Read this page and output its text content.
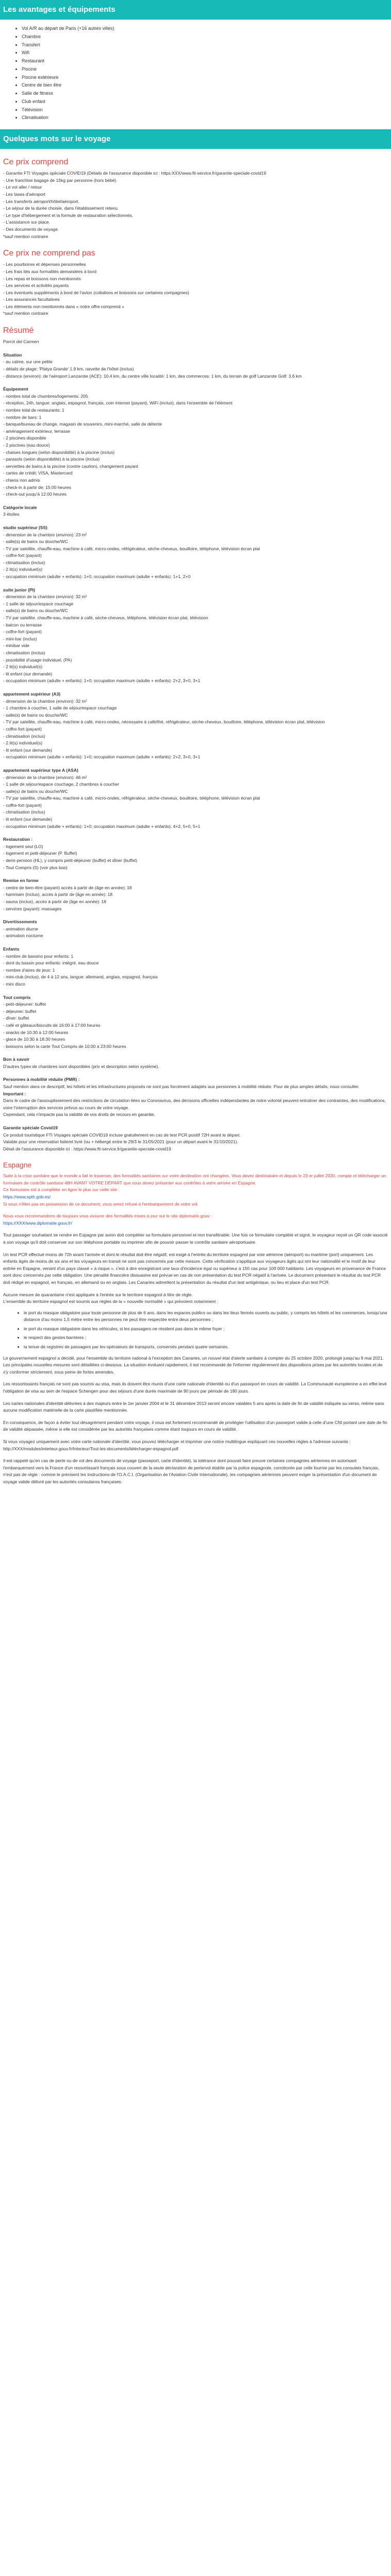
Les avantages et équipements
• Vol A/R au départ de Paris (+16 autres villes)
• Chambre
• Transfert
• Wifi
• Restaurant
• Piscine
• Piscine extérieure
• Centre de bien être
• Salle de fitness
• Club enfant
• Télévision
• Climatisation
Quelques mots sur le voyage
Ce prix comprend

- Garantie FTI Voyages spéciale COVID19 (Détails de l'assurance disponible ici : https:XXX/www.fti-service.fr/garantie-speciale-covid19
- Une franchise bagage de 15kg par personne (hors bébé)
- Le vol aller / retour
- Les taxes d'aéroport
- Les transferts aéroport/hôtel/aéroport.
- Le séjour de la durée choisie, dans l'établissement retenu.
- Le type d'hébergement et la formule de restauration sélectionnés.
- L'assistance sur place.
- Des documents de voyage.
*sauf mention contraire

Ce prix ne comprend pas

- Les pourboires et dépenses personnelles
- Les frais liés aux formalités demandées à bord
- Les repas et boissons non mentionnés
- Les services et activités payants
- Les éventuels suppléments à bord de l'avion (collations et boissons sur certaines compagnies)
- Les assurances facultatives
- Les éléments non mentionnés dans « notre offre comprend »
*sauf mention contraire

Résumé

Parrot del Carmen

Situation

- au calme, sur une petite
- détails de plage: 'Platya Grande' 1.9 km, navette de l'hôtel (inclus)
- distance (environ): de l'aéroport Lanzarote (ACE): 10.4 km, du centre ville localité: 1 km, des commerces: 1 km, du terrain de golf Lanzarote Golf: 3.6 km

Équipement

- nombre total de chambres/logements: 205
- réception, 24h, langue: anglais, espagnol, français, coin internet (payant), WiFi (inclus), dans l'ensemble de l'élément
- nombre total de restaurants: 1
- nombre de bars: 1
- banque/bureau de change, magasin de souvenirs, mini-marché, salle de détente
- aménagement extérieur, terrasse
- 2 piscines disponible
- 2 piscines (eau douce)
- chaises longues (selon disponibilité) à la piscine (inclus)
- parasols (selon disponibilité) à la piscine (inclus)
- serviettes de bains à la piscine (contre caution), changement payant
- cartes de crédit: VISA, Mastercard
- chiens non admis
- check-in à partir de: 15:00 heures
- check-out jusqu'à 12:00 heures

Catégorie locale

3 étoiles

studio supérieur (SS)

- dimension de la chambre (environ): 23 m²
- salle(s) de bains ou douche/WC
- TV par satellite, chauffe-eau, machine à café, micro-ondes, réfrigérateur, sèche-cheveux, bouilloire, téléphone, télévision écran plat
- coffre-fort (payant)
- climatisation (inclus)
- 2 lit(s) individuel(s)
- occupation minimum (adulte + enfants): 1+0; occupation maximum (adulte + enfants): 1+1, 2+0

suite junior (PI)

- dimension de la chambre (environ): 32 m²
- 1 salle de séjour/espace couchage
- salle(s) de bains ou douche/WC
- TV par satellite, chauffe-eau, machine à café, sèche-cheveux, téléphone, télévision écran plat, télévision
- balcon ou terrasse
- coffre-fort (payant)
- mini-bar (inclus)
- minibar vide
- climatisation (inclus)
- possibilité d'usage individuel, (PA)
- 2 lit(s) individuel(s)
- lit enfant (sur demande)
- occupation minimum (adulte + enfants): 1+0; occupation maximum (adulte + enfants): 2+2, 3+0, 3+1

appartement supérieur (A3)

- dimension de la chambre (environ): 32 m²
- 1 chambre à coucher, 1 salle de séjour/espace couchage
- salle(s) de bains ou douche/WC
- TV par satellite, chauffe-eau, machine à café, micro-ondes, nécessaire à café/thé, réfrigérateur, sèche-cheveux, bouilloire, téléphone, télévision écran plat, télévision
- coffre-fort (payant)
- climatisation (inclus)
- 2 lit(s) individuel(s)
- lit enfant (sur demande)
- occupation minimum (adulte + enfants): 1+0; occupation maximum (adulte + enfants): 2+2, 3+0, 3+1

appartement supérieur type A (ASA)

- dimension de la chambre (environ): 46 m²
- 1 salle de séjour/espace couchage, 2 chambres à coucher
- salle(s) de bains ou douche/WC
- TV par satellite, chauffe-eau, machine à café, micro-ondes, réfrigérateur, sèche-cheveux, bouilloire, téléphone, télévision écran plat
- coffre-fort (payant)
- climatisation (inclus)
- lit enfant (sur demande)
- occupation minimum (adulte + enfants): 1+0; occupation maximum (adulte + enfants): 4+2, 5+0, 5+1

Restauration :

- logement seul (LO)
- logement et petit-déjeuner (P. Buffet)
- demi-pension (HL), y compris petit-déjeuner (buffet) et dîner (buffet)
- Tout Compris (S) (voir plus bas)

Remise en forme

- centre de bien-être (payant) accès à partir de (âge en année): 18
- hammam (inclus), accès à partir de (âge en année): 18
- sauna (inclus), accès à partir de (âge en année): 18
- services (payant): massages

Divertissements

- animation diurne
- animation nocturne

Enfants

- nombre de bassins pour enfants: 1
- dont du bassin pour enfants: intégré, eau douce
- nombre d'aires de jeux: 1
- mini-club (inclus), de 4 à 12 ans, langue: allemand, anglais, espagnol, français
- mini disco

Tout compris

- petit-déjeuner: buffet
- déjeuner: buffet
- dîner: buffet
- café et gâteaux/biscuits de 16:00 à 17:00 heures
- snacks de 10:30 à 12:00 heures
- glace de 10:30 à 18:30 heures
- boissons selon la carte Tout Compris de 10:00 à 23:00 heures

Bon à savoir

D'autres types de chambres sont disponibles (prix et description selon système).

Personnes à mobilité réduite (PMR) :

Sauf mention dans ce descriptif, les hôtels et les infrastructures proposés ne sont pas forcément adaptés aux personnes à mobilité réduite. Pour de plus amples détails, nous consulter.

Important :

Dans le cadre de l'assouplissement des restrictions de circulation liées au Coronavirus, des décisions officielles indépendantes de notre volonté peuvent entraîner des contraintes, des modifications, voire l'interruption des services prévus au cours de votre voyage.
Cependant, cela n'impacte pas la validité de vos droits de recours en garantie.

Garantie spéciale Covid19

Ce produit touristique FTI Voyages spéciale COVID19 incluse gratuitement en cas de test PCR positif 72H avant le départ.
Valable pour une réservation faite/et livré (ou + hébergé entre le 29/3 le 31/05/2021 (pour un départ avant le 31/10/2021).
Détail de l'assurance disponible ici : https://www.fti-service.fr/garantie-speciale-covid19

Espagne

Suite à la crise sanitaire que le monde a fait le traverser, des formalités sanitaires sur votre destination ont changées. Vous devez destinataire et depuis le 23 er juillet 2020, compte et télécharger un formulaire de contrôle sanitaire 48H AVANT VOTRE DÉPART que vous devez présenter aux contrôles à votre arrivée en Espagne.

Ce formulaire est à compléter en ligne le plus sur cette site :

https://www.spth.gob.es/

Si vous n'êtes pas en possession de ce document, vous serez refusé à l'embarquement de votre vol.

Nous vous recommandons de toujours vous assurer des formalités mises à jour sur le site diplomatie.gouv :

https://XXX/www.diplomatie.gouv.fr/

Tout passager souhaitant se rendre en Espagne par avion doit compléter sa formulaire personnel et non transférable. Une fois ce formulaire complété et signé, le voyageur reçoit un QR code associé à son voyage qu'il doit conserver sur son téléphone portable ou imprimer afin de pouvoir passer le contrôle sanitaire aéroportuaire.

Un test PCR effectué moins de 72h avant l'arrivée et dont le résultat doit être négatif, est exigé à l'entrée du territoire espagnol par voie aérienne (aéroport) ou maritime (port) uniquement. Les enfants âgés de moins de six ans et les voyageurs en transit ne sont pas concernés par cette mesure. Cette vérification s'applique aux voyageurs âgés qui ont leur nationalité et le motif de leur entrée en Espagne, venant d'un pays classé « à risque », c'est à dire enregistrant une taux d'incidence égal ou supérieur à 150 cas pour 100 000 habitants. Les voyageurs en provenance de France sont donc concernés par cette obligation. Une pénalité financière dissuasive est prévue en cas de non présentation du test PCR négatif à l'arrivée. Le document présentant le résultat du test PCR doit rédigé en espagnol, en français, en allemand ou en anglais. Les Canaries admettent la présentation du résultat d'un test antigénique, ou lieu et place d'un test PCR.

Aucune mesure de quarantaine n'est appliquée à l'entrée sur le territoire espagnol à titre de règle.
L'ensemble du territoire espagnol est soumis aux règles de la « nouvelle normalité » qui prévoient notamment :

• le port du masque obligatoire pour toute personne de plus de 6 ans, dans les espaces publics ou dans les lieux fermés ouverts au public, y compris les hôtels et les commerces, lorsqu'une distance d'au moins 1,5 mètre entre les personnes ne peut être respectée entre deux personnes ;
• le port du masque obligatoire dans les véhicules, si les passagers ne résident pas dans le même foyer ;
• le respect des gestes barrières ;
• la tenue de registres de passagers par les opérateurs de transports, conservés pendant quatre semaines.

Le gouvernement espagnol a décidé, pour l'ensemble du territoire national à l'exception des Canaries, un nouvel état d'alerte sanitaire à compter du 25 octobre 2020, prolongé jusqu'au 9 mai 2021. Les principales nouvelles mesures sont détaillées ci-dessous. La situation évoluant rapidement, il est recommandé de l'informer régulièrement des dispositions prises par les autorités locales et de s'y conformer strictement, sous peine de fortes amendes.

Les ressortissants français ne sont pas soumis au visa, mais ils doivent être munis d'une carte nationale d'identité ou d'un passeport en cours de validité. La Communauté européenne a en effet levé l'obligation de visa au sein de l'espace Schengen pour des séjours d'une durée maximale de 90 jours par période de 180 jours.

Les cartes nationales d'identité délivrées à des majeurs entre le 1er janvier 2004 et le 31 décembre 2013 seront encore valables 5 ans après la date de fin de validité indiquée au verso, même sans aucune modification matérielle de la carte plastifiée mentionnée.

En conséquence, de façon à éviter tout désagrément pendant votre voyage, il vous est fortement recommandé de privilégier l'utilisation d'un passeport valide à celle d'une CNI portant une date de fin de validité dépassée, même si elle est considérée par les autorités françaises comme étant toujours en cours de validité.

Si vous voyagez uniquement avec votre carte nationale d'identité, vous pouvez télécharger et imprimer une notice multilingue expliquant ces nouvelles règles à l'adresse suivante : http://XXX/modules/interieur.gouv.fr/Interieur/Tout-les-documents/télécharger-espagnol.pdf

Il est rappelé qu'en cas de perte ou de vol des documents de voyage (passeport, carte d'identité), la tolérance dont pouvait faire preuve certaines compagnies aériennes en autorisant l'embarquement vers la France d'un ressortissant français sous couvert de la seule déclaration de perte/vol établie par la police espagnole, corroborée par celle fournie par les consulats français, n'est pas de règle : comme le précisent les instructions de l'O.A.C.I. (Organisation de l'Aviation Civile Internationale), les compagnies aériennes peuvent exiger la présentation d'un document de voyage valide délivré par les autorités consulaires françaises.
